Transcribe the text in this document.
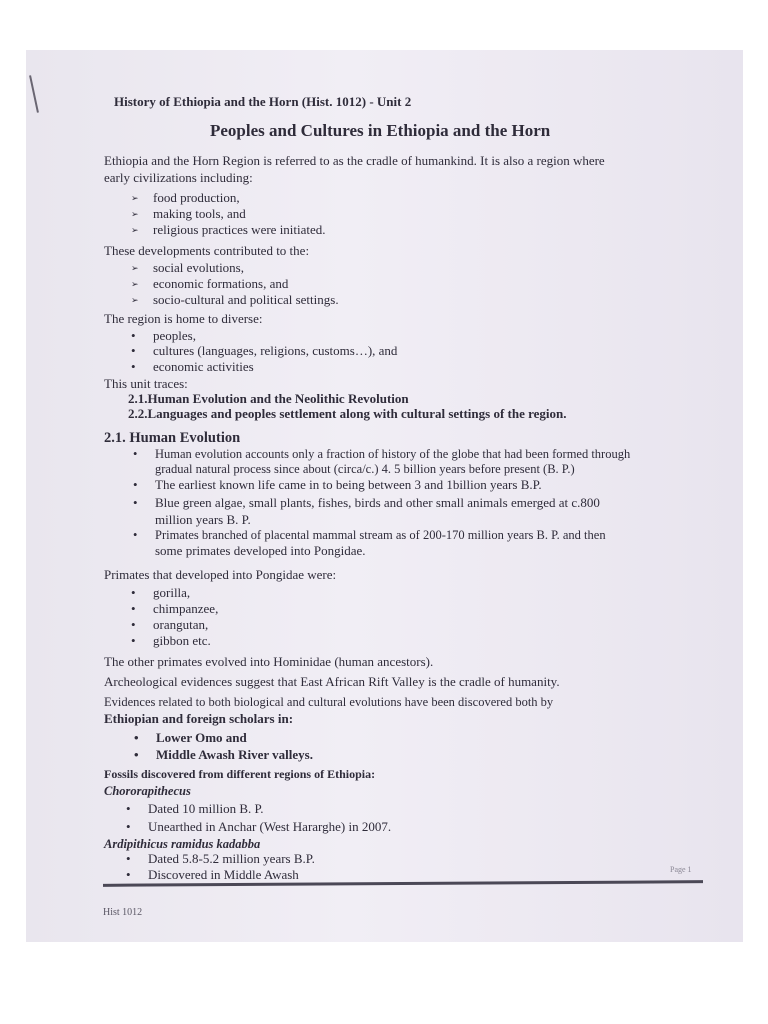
History of Ethiopia and the Horn (Hist. 1012) - Unit 2
Peoples and Cultures in Ethiopia and the Horn
Ethiopia and the Horn Region is referred to as the cradle of humankind. It is also a region where
early civilizations including:
➢ food production,
➢ making tools, and
➢ religious practices were initiated.
These developments contributed to the:
➢ social evolutions,
➢ economic formations, and
➢ socio-cultural and political settings.
The region is home to diverse:
• peoples,
• cultures (languages, religions, customs…), and
• economic activities
This unit traces:
2.1.Human Evolution and the Neolithic Revolution
2.2.Languages and peoples settlement along with cultural settings of the region.
2.1. Human Evolution
• Human evolution accounts only a fraction of history of the globe that had been formed through
gradual natural process since about (circa/c.) 4. 5 billion years before present (B. P.)
• The earliest known life came in to being between 3 and 1billion years B.P.
• Blue green algae, small plants, fishes, birds and other small animals emerged at c.800
million years B. P.
• Primates branched of placental mammal stream as of 200-170 million years B. P. and then
some primates developed into Pongidae.
Primates that developed into Pongidae were:
• gorilla,
• chimpanzee,
• orangutan,
• gibbon etc.
The other primates evolved into Hominidae (human ancestors).
Archeological evidences suggest that East African Rift Valley is the cradle of humanity.
Evidences related to both biological and cultural evolutions have been discovered both by
Ethiopian and foreign scholars in:
• Lower Omo and
• Middle Awash River valleys.
Fossils discovered from different regions of Ethiopia:
Chororapithecus
• Dated 10 million B. P.
• Unearthed in Anchar (West Hararghe) in 2007.
Ardipithicus ramidus kadabba
• Dated 5.8-5.2 million years B.P.
• Discovered in Middle Awash	Page 1
Hist 1012
